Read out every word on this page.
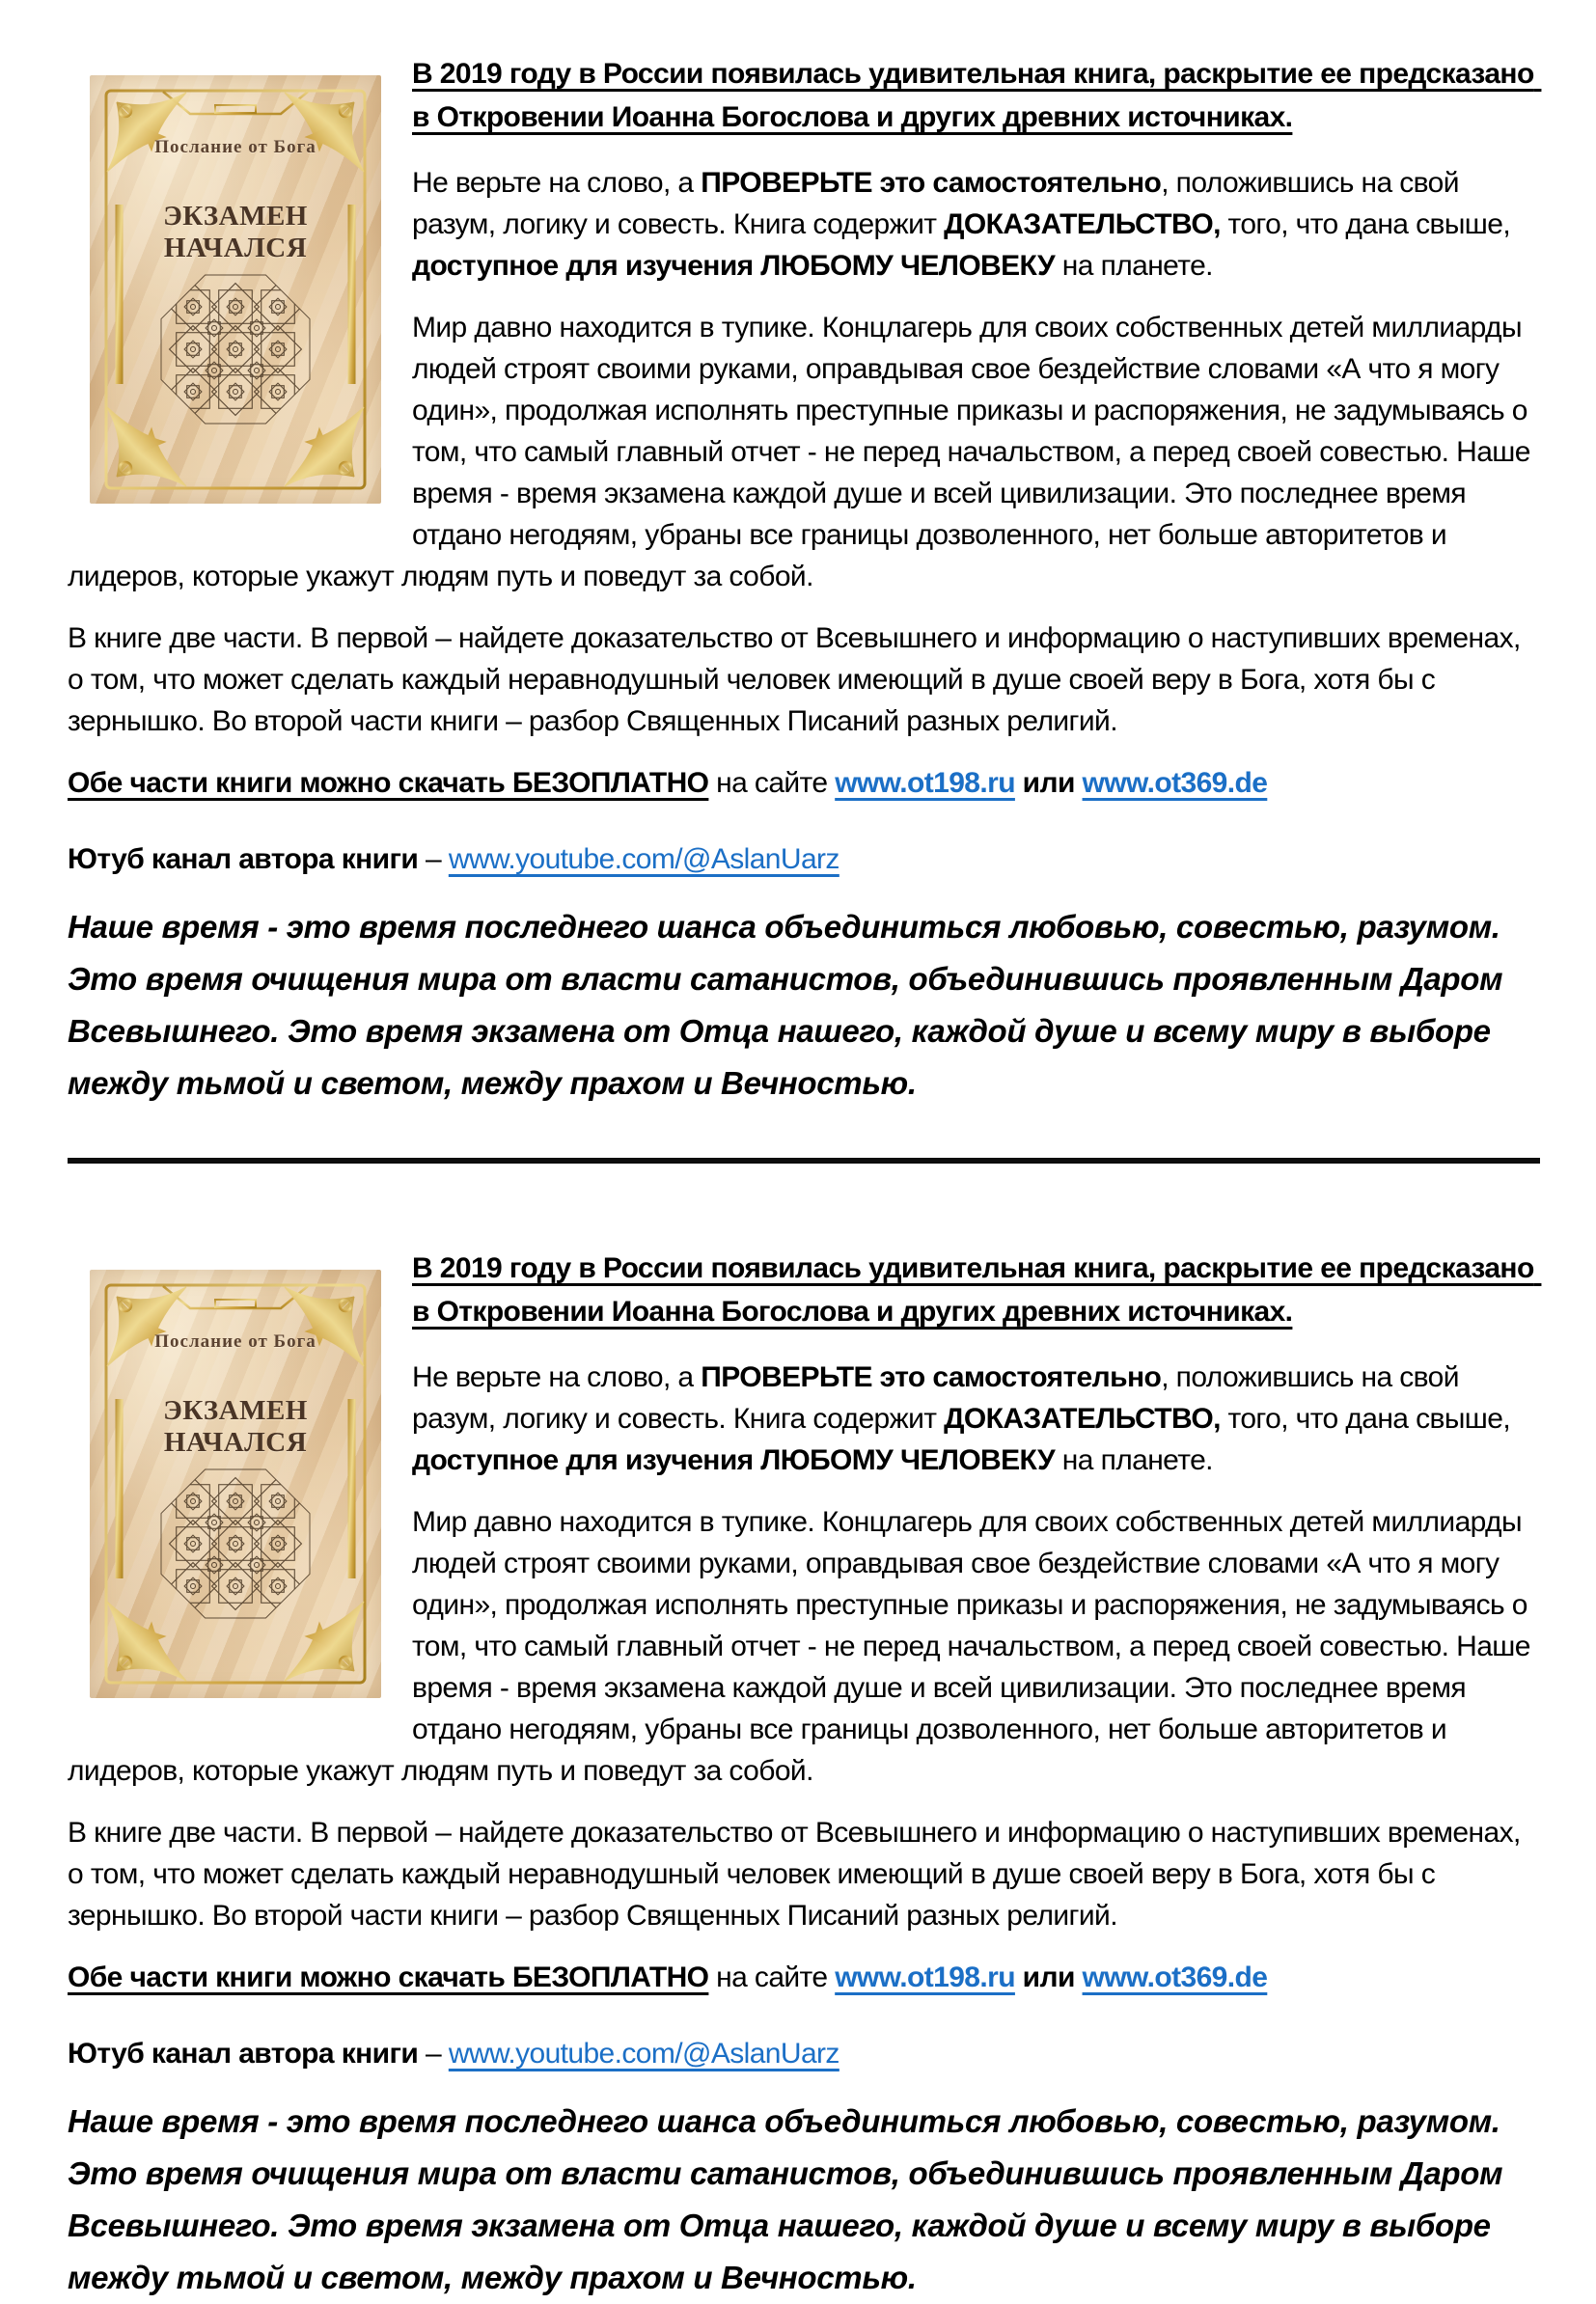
Послание от Бога
ЭКЗАМЕН НАЧАЛСЯ

В 2019 году в России появилась удивительная книга, раскрытие ее предсказано в Откровении Иоанна Богослова и других древних источниках.

Не верьте на слово, а ПРОВЕРЬТЕ это самостоятельно, положившись на свой разум, логику и совесть. Книга содержит ДОКАЗАТЕЛЬСТВО, того, что дана свыше, доступное для изучения ЛЮБОМУ ЧЕЛОВЕКУ на планете.

Мир давно находится в тупике. Концлагерь для своих собственных детей миллиарды людей строят своими руками, оправдывая свое бездействие словами «А что я могу один», продолжая исполнять преступные приказы и распоряжения, не задумываясь о том, что самый главный отчет - не перед начальством, а перед своей совестью. Наше время - время экзамена каждой душе и всей цивилизации. Это последнее время отдано негодяям, убраны все границы дозволенного, нет больше авторитетов и лидеров, которые укажут людям путь и поведут за собой.

В книге две части. В первой – найдете доказательство от Всевышнего и информацию о наступивших временах, о том, что может сделать каждый неравнодушный человек имеющий в душе своей веру в Бога, хотя бы с зернышко. Во второй части книги – разбор Священных Писаний разных религий.

Обе части книги можно скачать БЕЗОПЛАТНО на сайте www.ot198.ru или www.ot369.de

Ютуб канал автора книги – www.youtube.com/@AslanUarz

Наше время - это время последнего шанса объединиться любовью, совестью, разумом. Это время очищения мира от власти сатанистов, объединившись проявленным Даром Всевышнего. Это время экзамена от Отца нашего, каждой душе и всему миру в выборе между тьмой и светом, между прахом и Вечностью.

Послание от Бога
ЭКЗАМЕН НАЧАЛСЯ

В 2019 году в России появилась удивительная книга, раскрытие ее предсказано в Откровении Иоанна Богослова и других древних источниках.

Не верьте на слово, а ПРОВЕРЬТЕ это самостоятельно, положившись на свой разум, логику и совесть. Книга содержит ДОКАЗАТЕЛЬСТВО, того, что дана свыше, доступное для изучения ЛЮБОМУ ЧЕЛОВЕКУ на планете.

Мир давно находится в тупике. Концлагерь для своих собственных детей миллиарды людей строят своими руками, оправдывая свое бездействие словами «А что я могу один», продолжая исполнять преступные приказы и распоряжения, не задумываясь о том, что самый главный отчет - не перед начальством, а перед своей совестью. Наше время - время экзамена каждой душе и всей цивилизации. Это последнее время отдано негодяям, убраны все границы дозволенного, нет больше авторитетов и лидеров, которые укажут людям путь и поведут за собой.

В книге две части. В первой – найдете доказательство от Всевышнего и информацию о наступивших временах, о том, что может сделать каждый неравнодушный человек имеющий в душе своей веру в Бога, хотя бы с зернышко. Во второй части книги – разбор Священных Писаний разных религий.

Обе части книги можно скачать БЕЗОПЛАТНО на сайте www.ot198.ru или www.ot369.de

Ютуб канал автора книги – www.youtube.com/@AslanUarz

Наше время - это время последнего шанса объединиться любовью, совестью, разумом. Это время очищения мира от власти сатанистов, объединившись проявленным Даром Всевышнего. Это время экзамена от Отца нашего, каждой душе и всему миру в выборе между тьмой и светом, между прахом и Вечностью.
